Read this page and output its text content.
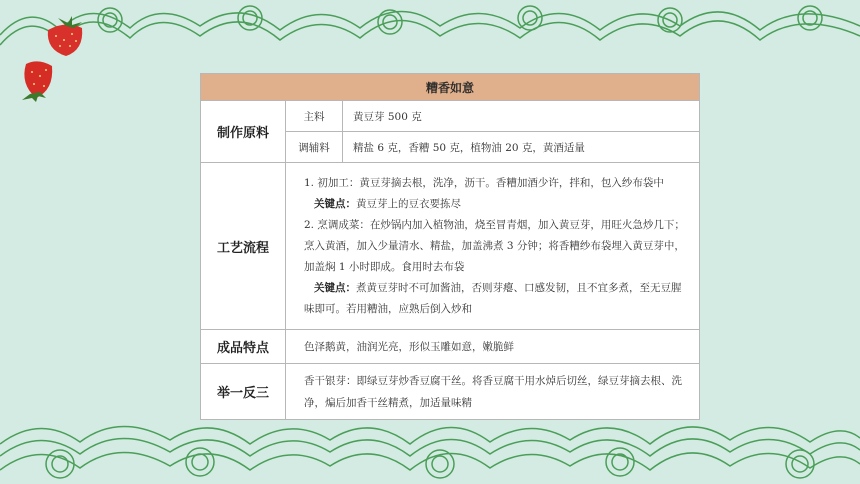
糟香如意		
制作原料	主料	黄豆芽 500 克
	调辅料	精盐 6 克，香糟 50 克，植物油 20 克，黄酒适量
工艺流程	1. 初加工：黄豆芽摘去根，洗净，沥干。香糟加酒少许，拌和，包入纱布袋中

关键点：黄豆芽上的豆衣要拣尽

2. 烹调成菜：在炒锅内加入植物油，烧至冒青烟，加入黄豆芽，用旺火急炒几下；烹入黄酒，加入少量清水、精盐，加盖沸煮 3 分钟；将香糟纱布袋埋入黄豆芽中，加盖焖 1 小时即成。食用时去布袋

关键点：煮黄豆芽时不可加酱油，否则芽瘪、口感发韧，且不宜多煮，至无豆腥味即可。若用糟油，应熟后倒入炒和	

成品特点	色泽鹅黄，油润光亮，形似玉雕如意，嫩脆鲜	
举一反三	香干银芽：即绿豆芽炒香豆腐干丝。将香豆腐干用水焯后切丝，绿豆芽摘去根、洗净，煸后加香干丝精煮，加适量味精	
